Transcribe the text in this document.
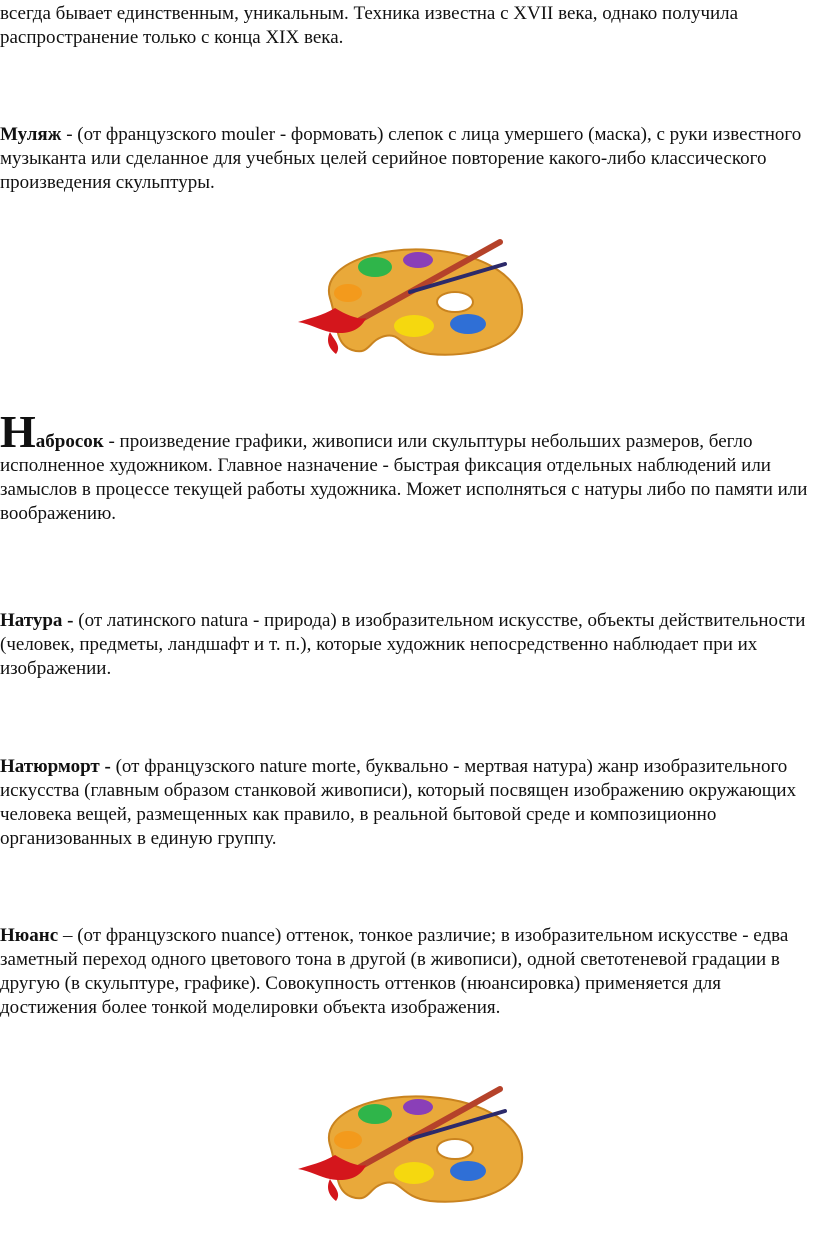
всегда бывает единственным, уникальным. Техника известна с XVII века, однако получила распространение только с конца XIX века.

Муляж - (от французского mouler - формовать) слепок с лица умершего (маска), с руки известного музыканта или сделанное для учебных целей серийное повторение какого-либо классического произведения скульптуры.

Набросок - произведение графики, живописи или скульптуры небольших размеров, бегло исполненное художником. Главное назначение - быстрая фиксация отдельных наблюдений или замыслов в процессе текущей работы художника. Может исполняться с натуры либо по памяти или воображению.

Натура - (от латинского natura - природа) в изобразительном искусстве, объекты действительности (человек, предметы, ландшафт и т. п.), которые художник непосредственно наблюдает при их изображении.

Натюрморт - (от французского nature morte, буквально - мертвая натура) жанр изобразительного искусства (главным образом станковой живописи), который посвящен изображению окружающих человека вещей, размещенных как правило, в реальной бытовой среде и композиционно организованных в единую группу.

Нюанс – (от французского nuance) оттенок, тонкое различие; в изобразительном искусстве - едва заметный переход одного цветового тона в другой (в живописи), одной светотеневой градации в другую (в скульптуре, графике). Совокупность оттенков (нюансировка) применяется для достижения более тонкой моделировки объекта изображения.
